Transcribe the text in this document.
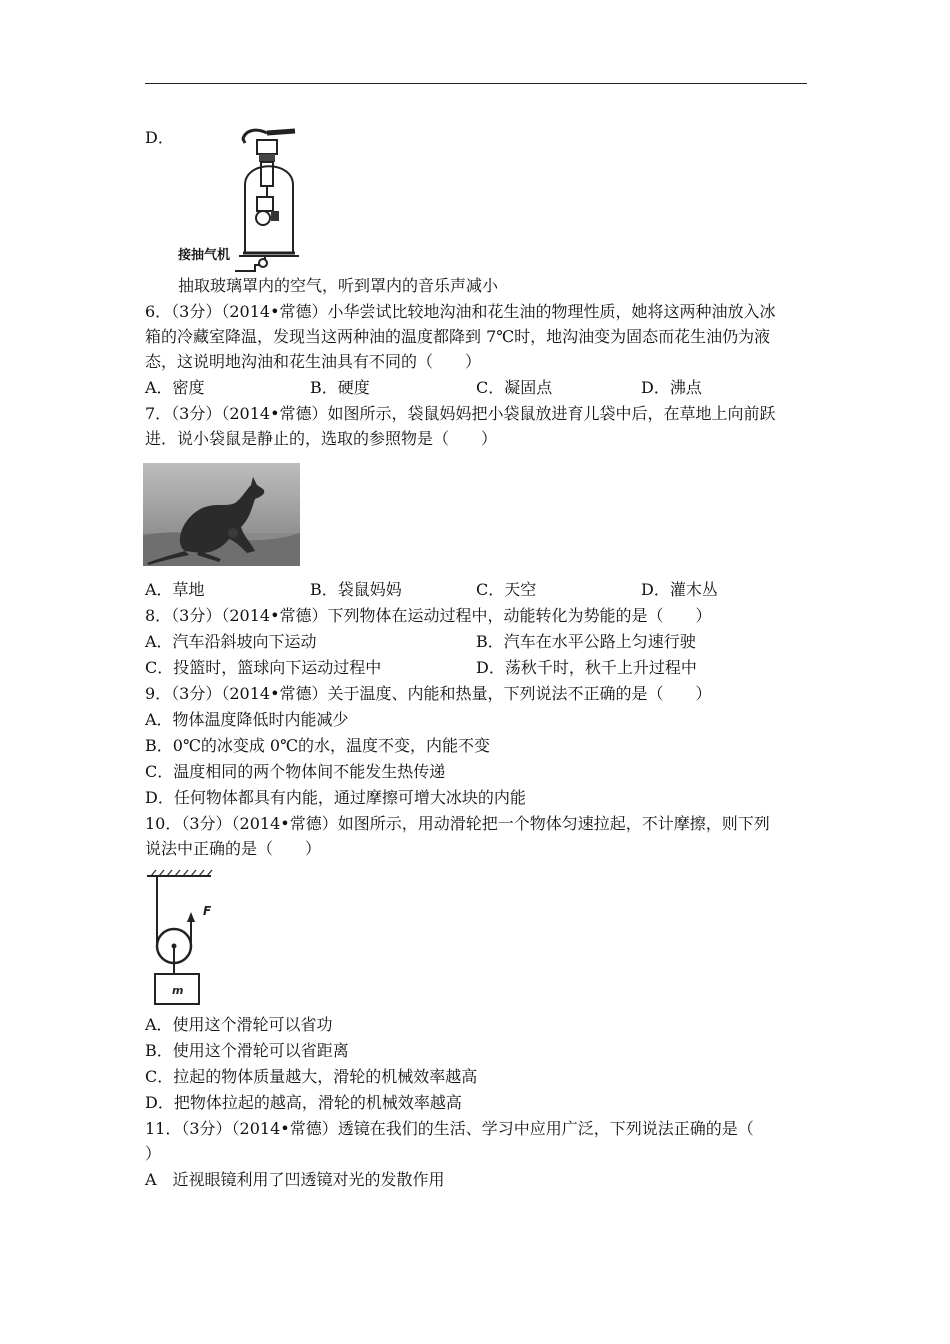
D．
接抽气机
抽取玻璃罩内的空气，听到罩内的音乐声减小
6．（3分）（2014•常德）小华尝试比较地沟油和花生油的物理性质，她将这两种油放入冰
箱的冷藏室降温，发现当这两种油的温度都降到 7℃时，地沟油变为固态而花生油仍为液
态，这说明地沟油和花生油具有不同的（　　）
A．密度	B．硬度	C．凝固点	D．沸点
7．（3分）（2014•常德）如图所示，袋鼠妈妈把小袋鼠放进育儿袋中后，在草地上向前跃
进．说小袋鼠是静止的，选取的参照物是（　　）
A．草地	B．袋鼠妈妈	C．天空	D．灌木丛
8．（3分）（2014•常德）下列物体在运动过程中，动能转化为势能的是（　　）
A．汽车沿斜坡向下运动	B．汽车在水平公路上匀速行驶
C．投篮时，篮球向下运动过程中	D．荡秋千时，秋千上升过程中
9．（3分）（2014•常德）关于温度、内能和热量，下列说法不正确的是（　　）
A．物体温度降低时内能减少
B．0℃的冰变成 0℃的水，温度不变，内能不变
C．温度相同的两个物体间不能发生热传递
D．任何物体都具有内能，通过摩擦可增大冰块的内能
10．（3分）（2014•常德）如图所示，用动滑轮把一个物体匀速拉起，不计摩擦，则下列
说法中正确的是（　　）
F
m
A．使用这个滑轮可以省功
B．使用这个滑轮可以省距离
C．拉起的物体质量越大，滑轮的机械效率越高
D．把物体拉起的越高，滑轮的机械效率越高
11．（3分）（2014•常德）透镜在我们的生活、学习中应用广泛，下列说法正确的是（
）
A　近视眼镜利用了凹透镜对光的发散作用
